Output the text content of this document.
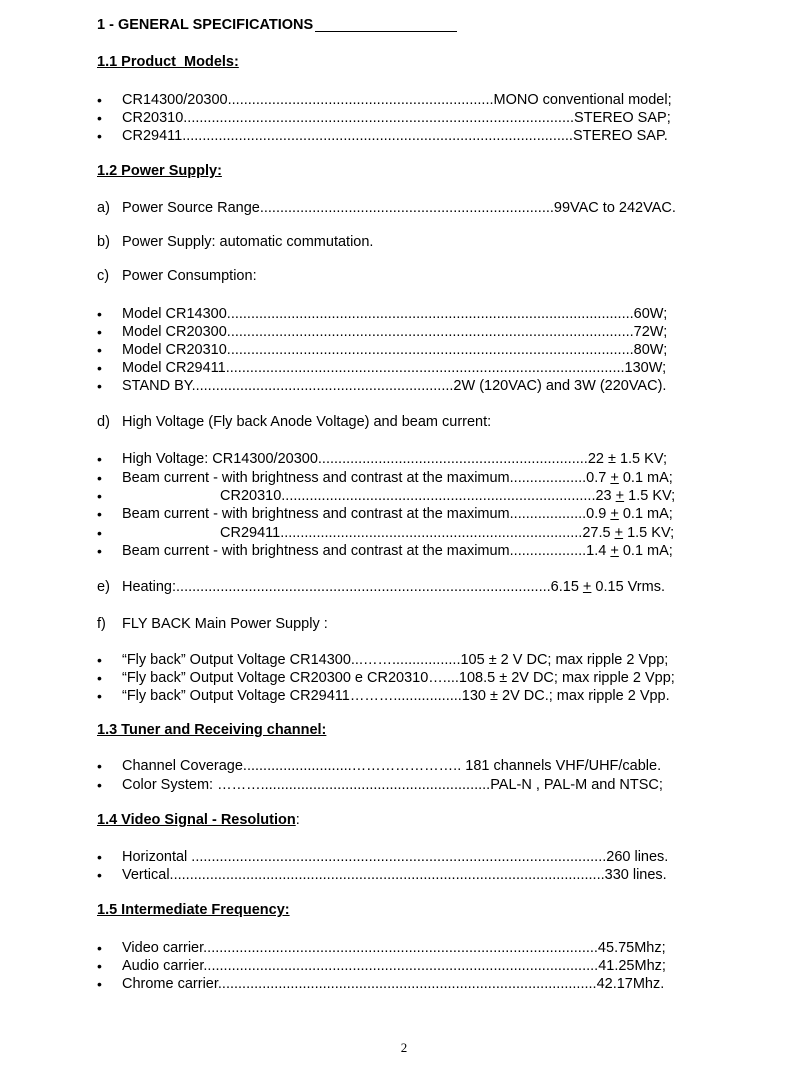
1 - GENERAL SPECIFICATIONS
1.1 Product  Models:
•
CR14300/20300..................................................................MONO conventional model;
•
CR20310.................................................................................................STEREO SAP;
•
CR29411.................................................................................................STEREO SAP.
1.2 Power Supply:
a) Power Source Range.........................................................................99VAC to 242VAC.
b) Power Supply: automatic commutation.
c) Power Consumption:
•
Model CR14300.....................................................................................................60W;
•
Model CR20300.....................................................................................................72W;
•
Model CR20310.....................................................................................................80W;
•
Model CR29411...................................................................................................130W;
•
STAND BY.................................................................2W (120VAC) and 3W (220VAC).
d) High Voltage (Fly back Anode Voltage) and beam current:
•
High Voltage: CR14300/20300...................................................................22 ± 1.5 KV;
•
Beam current - with brightness and contrast at the maximum...................0.7 + 0.1 mA;
•
CR20310..............................................................................23 + 1.5 KV;
•
Beam current - with brightness and contrast at the maximum...................0.9 + 0.1 mA;
•
CR29411...........................................................................27.5 + 1.5 KV;
•
Beam current - with brightness and contrast at the maximum...................1.4 + 0.1 mA;
e) Heating:.............................................................................................6.15 + 0.15 Vrms.
f) FLY BACK Main Power Supply :
•
“Fly back” Output Voltage CR14300...…….................105 ± 2 V DC; max ripple 2 Vpp;
•
“Fly back” Output Voltage CR20300 e CR20310…....108.5 ± 2V DC; max ripple 2 Vpp;
•
“Fly back” Output Voltage CR29411……….................130 ± 2V DC.; max ripple 2 Vpp.
1.3 Tuner and Receiving channel:
•
Channel Coverage...........................………………….. 181 channels VHF/UHF/cable.
•
Color System: ……….........................................................PAL-N , PAL-M and NTSC;
1.4 Video Signal - Resolution:
•
Horizontal .......................................................................................................260 lines.
•
Vertical............................................................................................................330 lines.
1.5 Intermediate Frequency:
•
Video carrier..................................................................................................45.75Mhz;
•
Audio carrier..................................................................................................41.25Mhz;
•
Chrome carrier..............................................................................................42.17Mhz.
2
